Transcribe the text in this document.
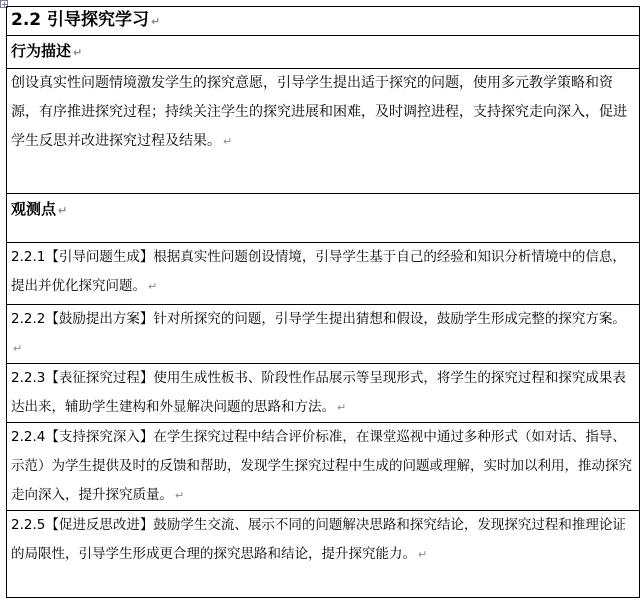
2.2 引导探究学习 ↵
行为描述 ↵
创设真实性问题情境激发学生的探究意愿，引导学生提出适于探究的问题，使用多元教学策略和资源，有序推进探究过程；持续关注学生的探究进展和困难，及时调控进程，支持探究走向深入，促进学生反思并改进探究过程及结果。 ↵
观测点 ↵
2.2.1【引导问题生成】根据真实性问题创设情境，引导学生基于自己的经验和知识分析情境中的信息，提出并优化探究问题。 ↵
2.2.2【鼓励提出方案】针对所探究的问题，引导学生提出猜想和假设，鼓励学生形成完整的探究方案。↵
2.2.3【表征探究过程】使用生成性板书、阶段性作品展示等呈现形式，将学生的探究过程和探究成果表达出来，辅助学生建构和外显解决问题的思路和方法。 ↵
2.2.4【支持探究深入】在学生探究过程中结合评价标准，在课堂巡视中通过多种形式（如对话、指导、示范）为学生提供及时的反馈和帮助，发现学生探究过程中生成的问题或理解，实时加以利用，推动探究走向深入，提升探究质量。 ↵
2.2.5【促进反思改进】鼓励学生交流、展示不同的问题解决思路和探究结论，发现探究过程和推理论证的局限性，引导学生形成更合理的探究思路和结论，提升探究能力。 ↵
